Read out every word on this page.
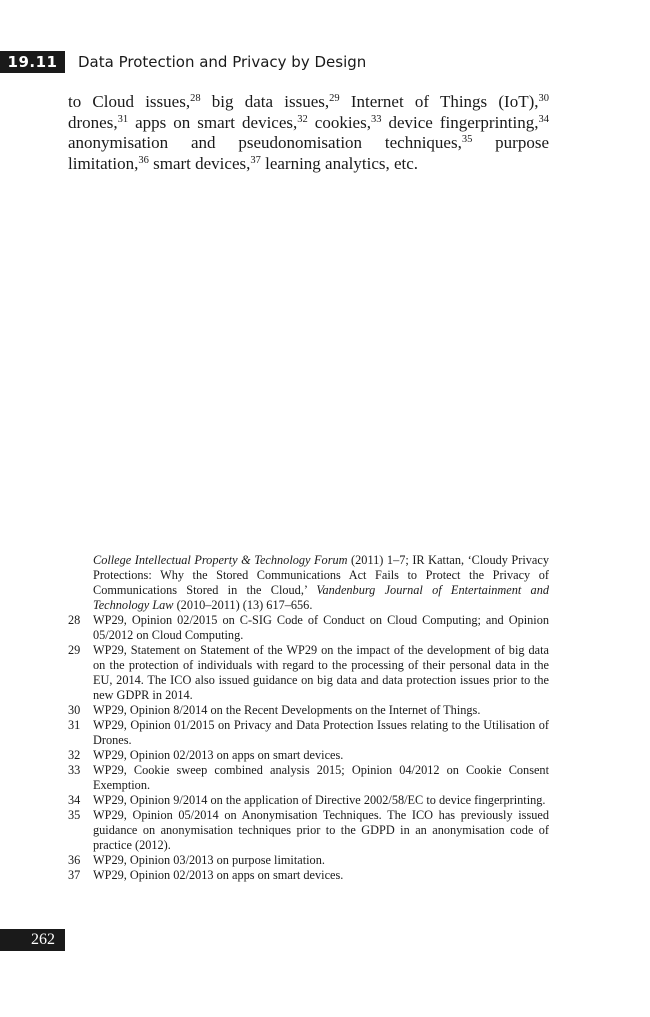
19.11	Data Protection and Privacy by Design
to Cloud issues,$^{28}$ big data issues,$^{29}$ Internet of Things (IoT),$^{30}$ drones,$^{31}$ apps on smart devices,$^{32}$ cookies,$^{33}$ device fingerprinting,$^{34}$ anonymisation and pseudonomisation techniques,$^{35}$ purpose limitation,$^{36}$ smart devices,$^{37}$ learning analytics, etc.
College Intellectual Property & Technology Forum (2011) 1–7; IR Kattan, ‘Cloudy Privacy Protections: Why the Stored Communications Act Fails to Protect the Privacy of Communications Stored in the Cloud,’ Vandenburg Journal of Entertainment and Technology Law (2010–2011) (13) 617–656.
28	WP29, Opinion 02/2015 on C-SIG Code of Conduct on Cloud Computing; and Opinion 05/2012 on Cloud Computing.
29	WP29, Statement on Statement of the WP29 on the impact of the development of big data on the protection of individuals with regard to the processing of their personal data in the EU, 2014. The ICO also issued guidance on big data and data protection issues prior to the new GDPR in 2014.
30	WP29, Opinion 8/2014 on the Recent Developments on the Internet of Things.
31	WP29, Opinion 01/2015 on Privacy and Data Protection Issues relating to the Utilisation of Drones.
32	WP29, Opinion 02/2013 on apps on smart devices.
33	WP29, Cookie sweep combined analysis 2015; Opinion 04/2012 on Cookie Consent Exemption.
34	WP29, Opinion 9/2014 on the application of Directive 2002/58/EC to device fingerprinting.
35	WP29, Opinion 05/2014 on Anonymisation Techniques. The ICO has previously issued guidance on anonymisation techniques prior to the GDPD in an anonymisation code of practice (2012).
36	WP29, Opinion 03/2013 on purpose limitation.
37	WP29, Opinion 02/2013 on apps on smart devices.
262
